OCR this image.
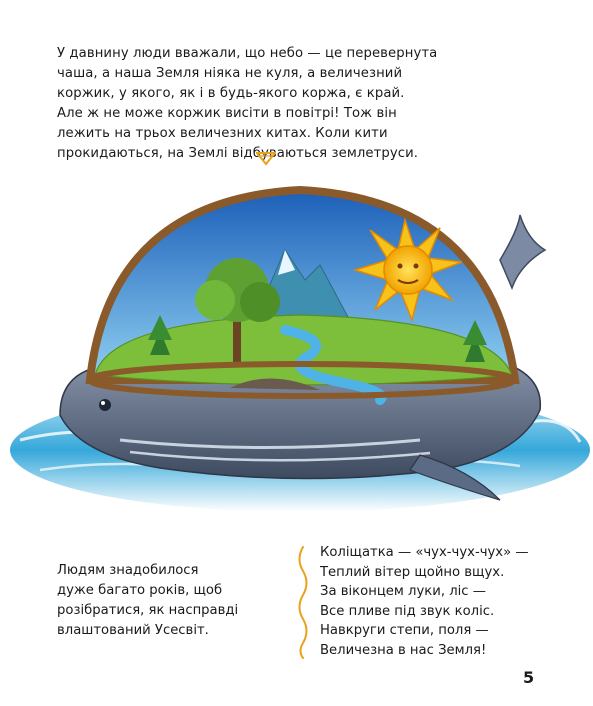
У давнину люди вважали, що небо — це перевернута
чаша, а наша Земля ніяка не куля, а величезний
коржик, у якого, як і в будь-якого коржа, є край.
Але ж не може коржик висіти в повітрі! Тож він
лежить на трьох величезних китах. Коли кити
прокидаються, на Землі відбуваються землетруси.
Людям знадобилося
дуже багато років, щоб
розібратися, як насправді
влаштований Усесвіт.
Коліщатка — «чух-чух-чух» —
Теплий вітер щойно вщух.
За віконцем луки, ліс —
Все пливе під звук коліс.
Навкруги степи, поля —
Величезна в нас Земля!
5
